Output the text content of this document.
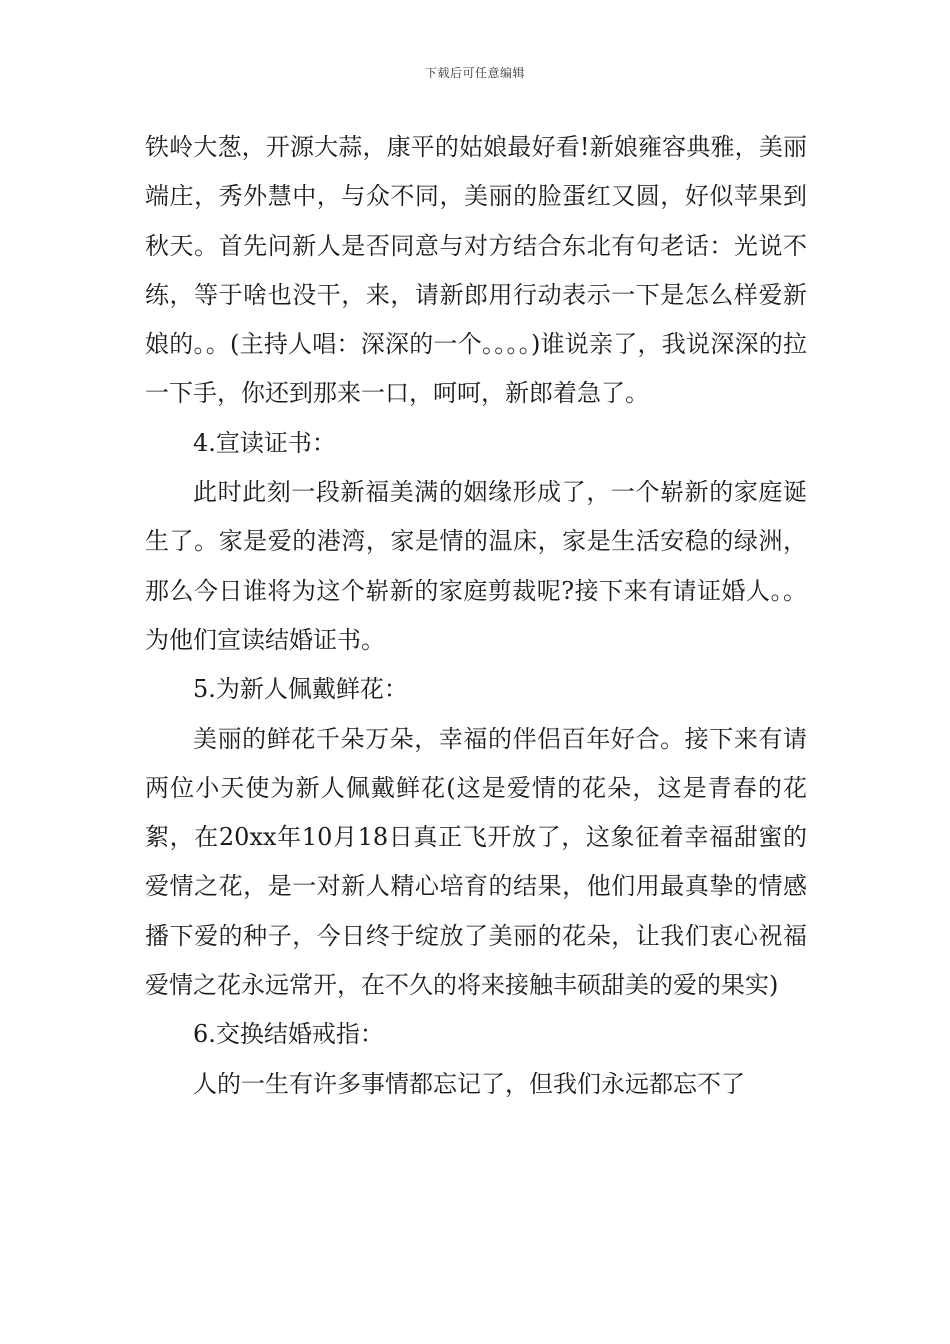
下载后可任意编辑

铁岭大葱，开源大蒜，康平的姑娘最好看!新娘雍容典雅，美丽端庄，秀外慧中，与众不同，美丽的脸蛋红又圆，好似苹果到秋天。首先问新人是否同意与对方结合东北有句老话：光说不练，等于啥也没干，来，请新郎用行动表示一下是怎么样爱新娘的。。(主持人唱：深深的一个。。。。)谁说亲了，我说深深的拉一下手，你还到那来一口，呵呵，新郎着急了。

4.宣读证书：

此时此刻一段新福美满的姻缘形成了，一个崭新的家庭诞生了。家是爱的港湾，家是情的温床，家是生活安稳的绿洲，那么今日谁将为这个崭新的家庭剪裁呢?接下来有请证婚人。。为他们宣读结婚证书。

5.为新人佩戴鲜花：

美丽的鲜花千朵万朵，幸福的伴侣百年好合。接下来有请两位小天使为新人佩戴鲜花(这是爱情的花朵，这是青春的花絮，在20xx年10月18日真正飞开放了，这象征着幸福甜蜜的爱情之花，是一对新人精心培育的结果，他们用最真挚的情感播下爱的种子，今日终于绽放了美丽的花朵，让我们衷心祝福爱情之花永远常开，在不久的将来接触丰硕甜美的爱的果实)

6.交换结婚戒指：

人的一生有许多事情都忘记了，但我们永远都忘不了
